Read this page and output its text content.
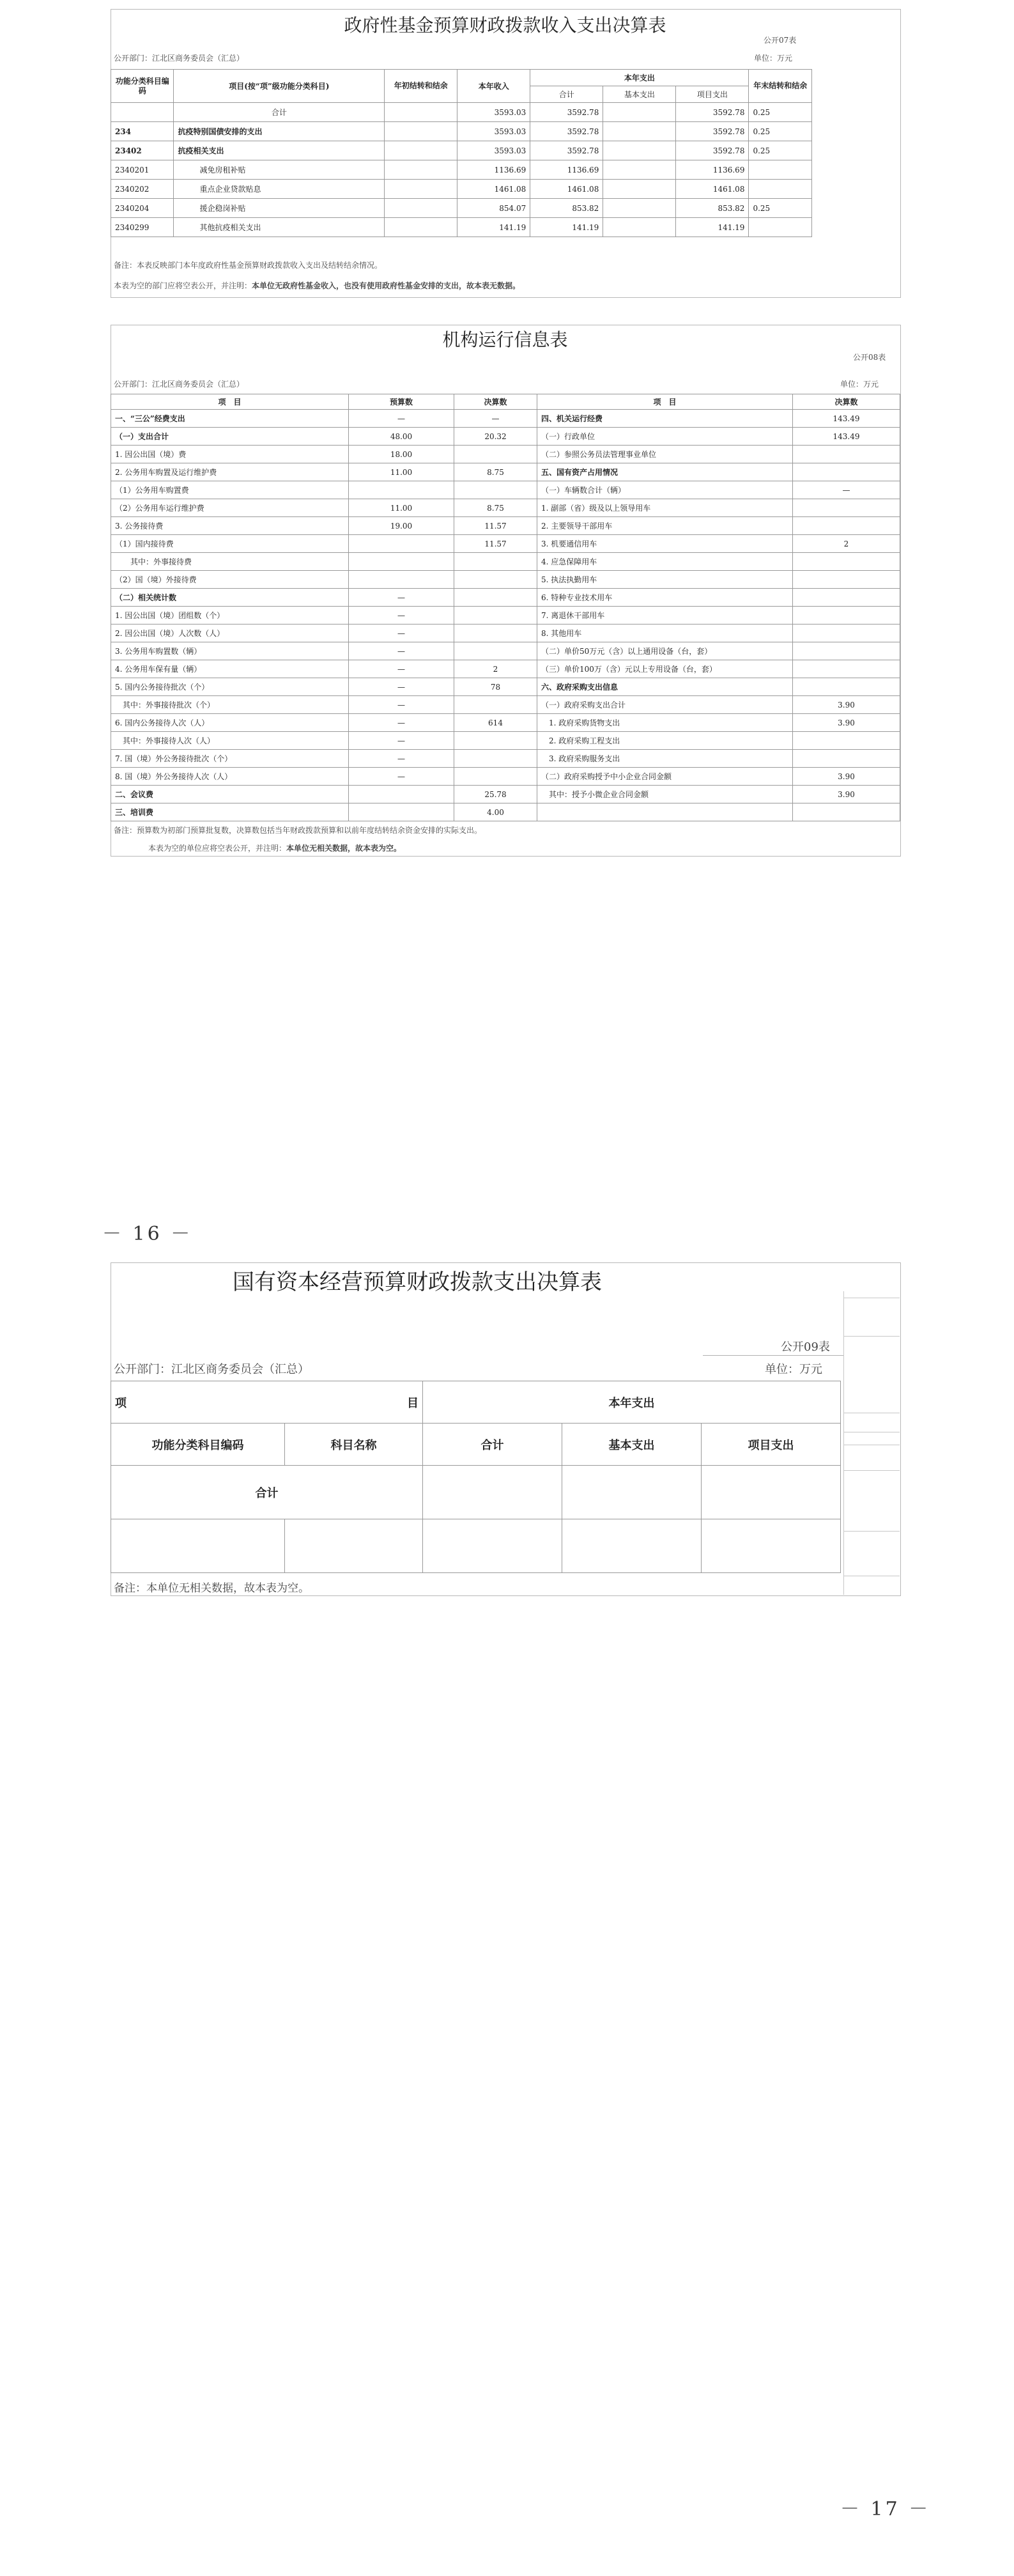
政府性基金预算财政拨款收入支出决算表
公开07表
公开部门：江北区商务委员会（汇总）	单位：万元
功能分类科目编码	项目(按“项”级功能分类科目)	年初结转和结余	本年收入	本年支出			年末结转和结余
				合计	基本支出	项目支出	
	合计		3593.03	3592.78		3592.78	0.25
234	抗疫特别国债安排的支出		3593.03	3592.78		3592.78	0.25
23402	抗疫相关支出		3593.03	3592.78		3592.78	0.25
2340201	减免房租补贴		1136.69	1136.69		1136.69	
2340202	重点企业贷款贴息		1461.08	1461.08		1461.08	
2340204	援企稳岗补贴		854.07	853.82		853.82	0.25
2340299	其他抗疫相关支出		141.19	141.19		141.19	
备注：本表反映部门本年度政府性基金预算财政拨款收入支出及结转结余情况。
本表为空的部门应将空表公开，并注明：本单位无政府性基金收入，也没有使用政府性基金安排的支出，故本表无数据。
机构运行信息表
公开08表
公开部门：江北区商务委员会（汇总）	单位：万元
项　目	预算数	决算数	项　目	决算数
一、“三公”经费支出	—	—	四、机关运行经费	143.49
（一）支出合计	48.00	20.32	（一）行政单位	143.49
1. 因公出国（境）费	18.00		（二）参照公务员法管理事业单位	
2. 公务用车购置及运行维护费	11.00	8.75	五、国有资产占用情况	
（1）公务用车购置费			（一）车辆数合计（辆）	—
（2）公务用车运行维护费	11.00	8.75	1. 副部（省）级及以上领导用车	
3. 公务接待费	19.00	11.57	2. 主要领导干部用车	
（1）国内接待费		11.57	3. 机要通信用车	2
　　其中：外事接待费			4. 应急保障用车	
（2）国（境）外接待费			5. 执法执勤用车	
（二）相关统计数	—		6. 特种专业技术用车	
1. 因公出国（境）团组数（个）	—		7. 离退休干部用车	
2. 因公出国（境）人次数（人）	—		8. 其他用车	
3. 公务用车购置数（辆）	—		（二）单价50万元（含）以上通用设备（台，套）	
4. 公务用车保有量（辆）	—	2	（三）单价100万（含）元以上专用设备（台，套）	
5. 国内公务接待批次（个）	—	78	六、政府采购支出信息	
　其中：外事接待批次（个）	—		（一）政府采购支出合计	3.90
6. 国内公务接待人次（人）	—	614	　1. 政府采购货物支出	3.90
　其中：外事接待人次（人）	—		　2. 政府采购工程支出	
7. 国（境）外公务接待批次（个）	—		　3. 政府采购服务支出	
8. 国（境）外公务接待人次（人）	—		（二）政府采购授予中小企业合同金额	3.90
二、会议费		25.78	　其中：授予小微企业合同金额	3.90
三、培训费		4.00		
备注：预算数为初部门预算批复数，决算数包括当年财政拨款预算和以前年度结转结余资金安排的实际支出。
本表为空的单位应将空表公开，并注明：本单位无相关数据，故本表为空。
－ 16 －
国有资本经营预算财政拨款支出决算表
公开09表
公开部门：江北区商务委员会（汇总）	单位：万元
项 目		本年支出		
功能分类科目编码	科目名称	合计	基本支出	项目支出
合计				

备注：本单位无相关数据，故本表为空。
－ 17 －
